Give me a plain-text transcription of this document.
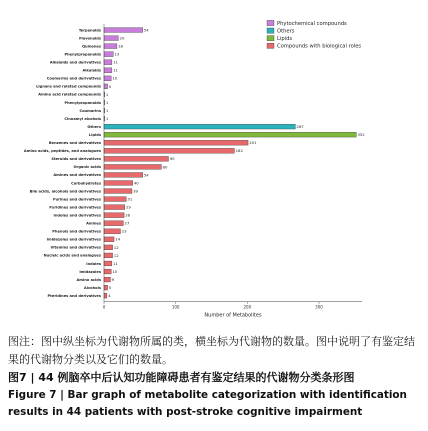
Terpenoids	54
Flavonoids	20
Quinones	18
Phenylpropanoids	13
Alkaloids and derivatives	11
Alkaloids	11
Coumarins and derivatives	10
Lignans and related compounds 5
Amino acid related compounds 1
Phenylpropanoids 1
Coumarins 1
Cinnamyl alcohols 1
Others	267
Lipids	352
Benzenes and derivatives	201
Amino acids, peptides, and analogues	182
Steroids and derivatives	90
Organic acids	80
Amines and derivatives	54
Carbohydrates	40
Bile acids, alcohols and derivatives	39
Purines and derivatives	31
Pyridines and derivatives	29
Indoles and derivatives	28
Amines	27
Phenols and derivatives	23
Imidazoles and derivatives	14
Vitamins and derivatives	12
Nucleic acids and analogues	12
Indoles	11
Imidazoles	10
Amino acids	9
Alcohols 5
Pteridines and derivatives 4
0	100	200	300
Number of Metabolites
Phytochemical compounds
Others
Lipids
Compounds with biological roles

图注：图中纵坐标为代谢物所属的类，横坐标为代谢物的数量。图中说明了有鉴定结果的代谢物分类以及它们的数量。

图7 | 44 例脑卒中后认知功能障碍患者有鉴定结果的代谢物分类条形图

Figure 7 | Bar graph of metabolite categorization with identification

results in 44 patients with post-stroke cognitive impairment
